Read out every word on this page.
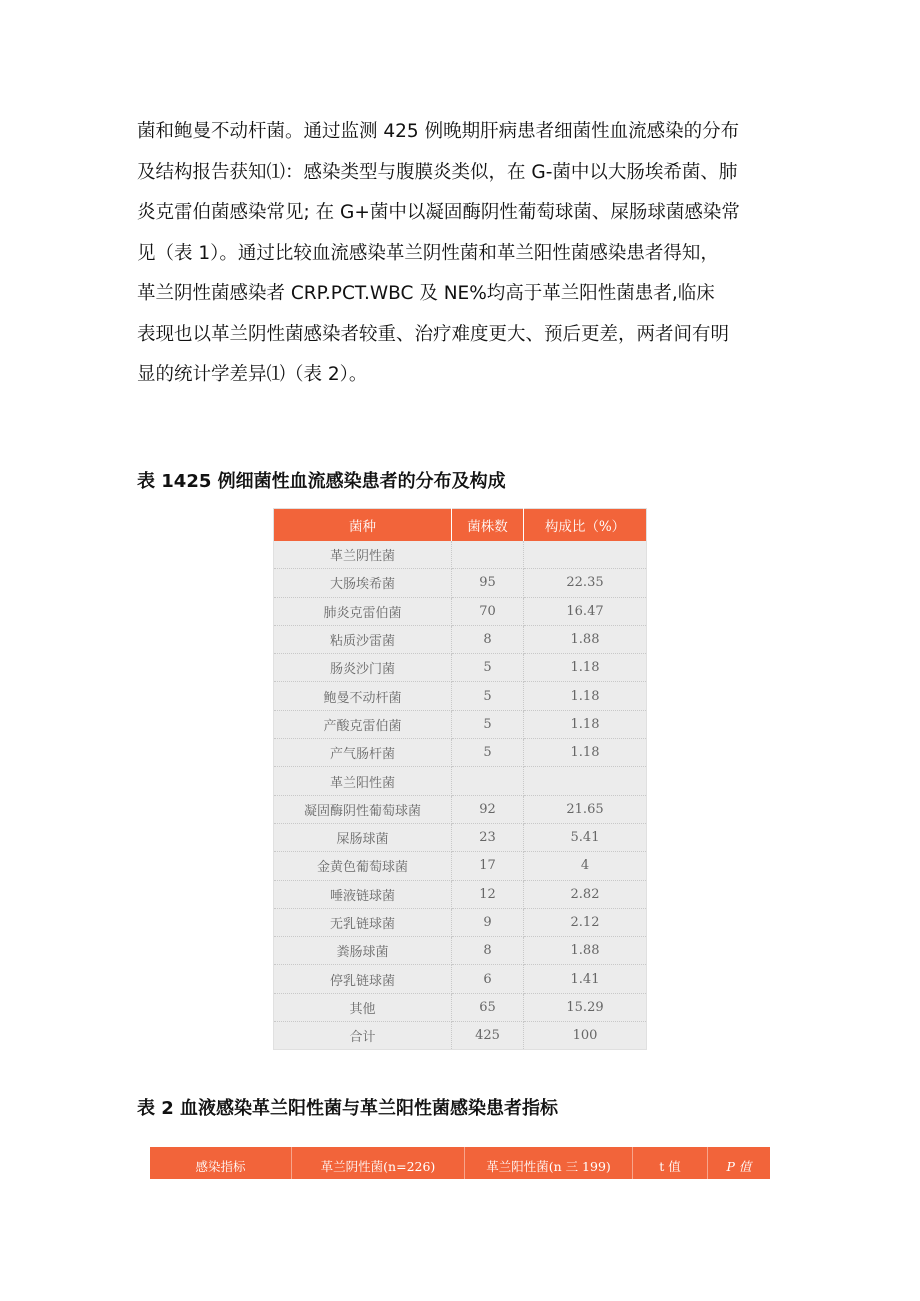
菌和鲍曼不动杆菌。通过监测 425 例晚期肝病患者细菌性血流感染的分布
及结构报告获知⑴：感染类型与腹膜炎类似，在 G-菌中以大肠埃希菌、肺
炎克雷伯菌感染常见; 在 G+菌中以凝固酶阴性葡萄球菌、屎肠球菌感染常
见（表 1）。通过比较血流感染革兰阴性菌和革兰阳性菌感染患者得知，
革兰阴性菌感染者 CRP.PCT.WBC 及 NE%均高于革兰阳性菌患者,临床
表现也以革兰阴性菌感染者较重、治疗难度更大、预后更差，两者间有明
显的统计学差异⑴（表 2）。

表 1425 例细菌性血流感染患者的分布及构成

菌种	菌株数	构成比（%）
革兰阴性菌		
大肠埃希菌	95	22.35
肺炎克雷伯菌	70	16.47
粘质沙雷菌	8	1.88
肠炎沙门菌	5	1.18
鲍曼不动杆菌	5	1.18
产酸克雷伯菌	5	1.18
产气肠杆菌	5	1.18
革兰阳性菌		
凝固酶阴性葡萄球菌	92	21.65
屎肠球菌	23	5.41
金黄色葡萄球菌	17	4
唾液链球菌	12	2.82
无乳链球菌	9	2.12
粪肠球菌	8	1.88
停乳链球菌	6	1.41
其他	65	15.29
合计	425	100

表 2 血液感染革兰阳性菌与革兰阳性菌感染患者指标

感染指标	革兰阴性菌(n=226)	革兰阳性菌(n 三 199)	t 值	P 值
